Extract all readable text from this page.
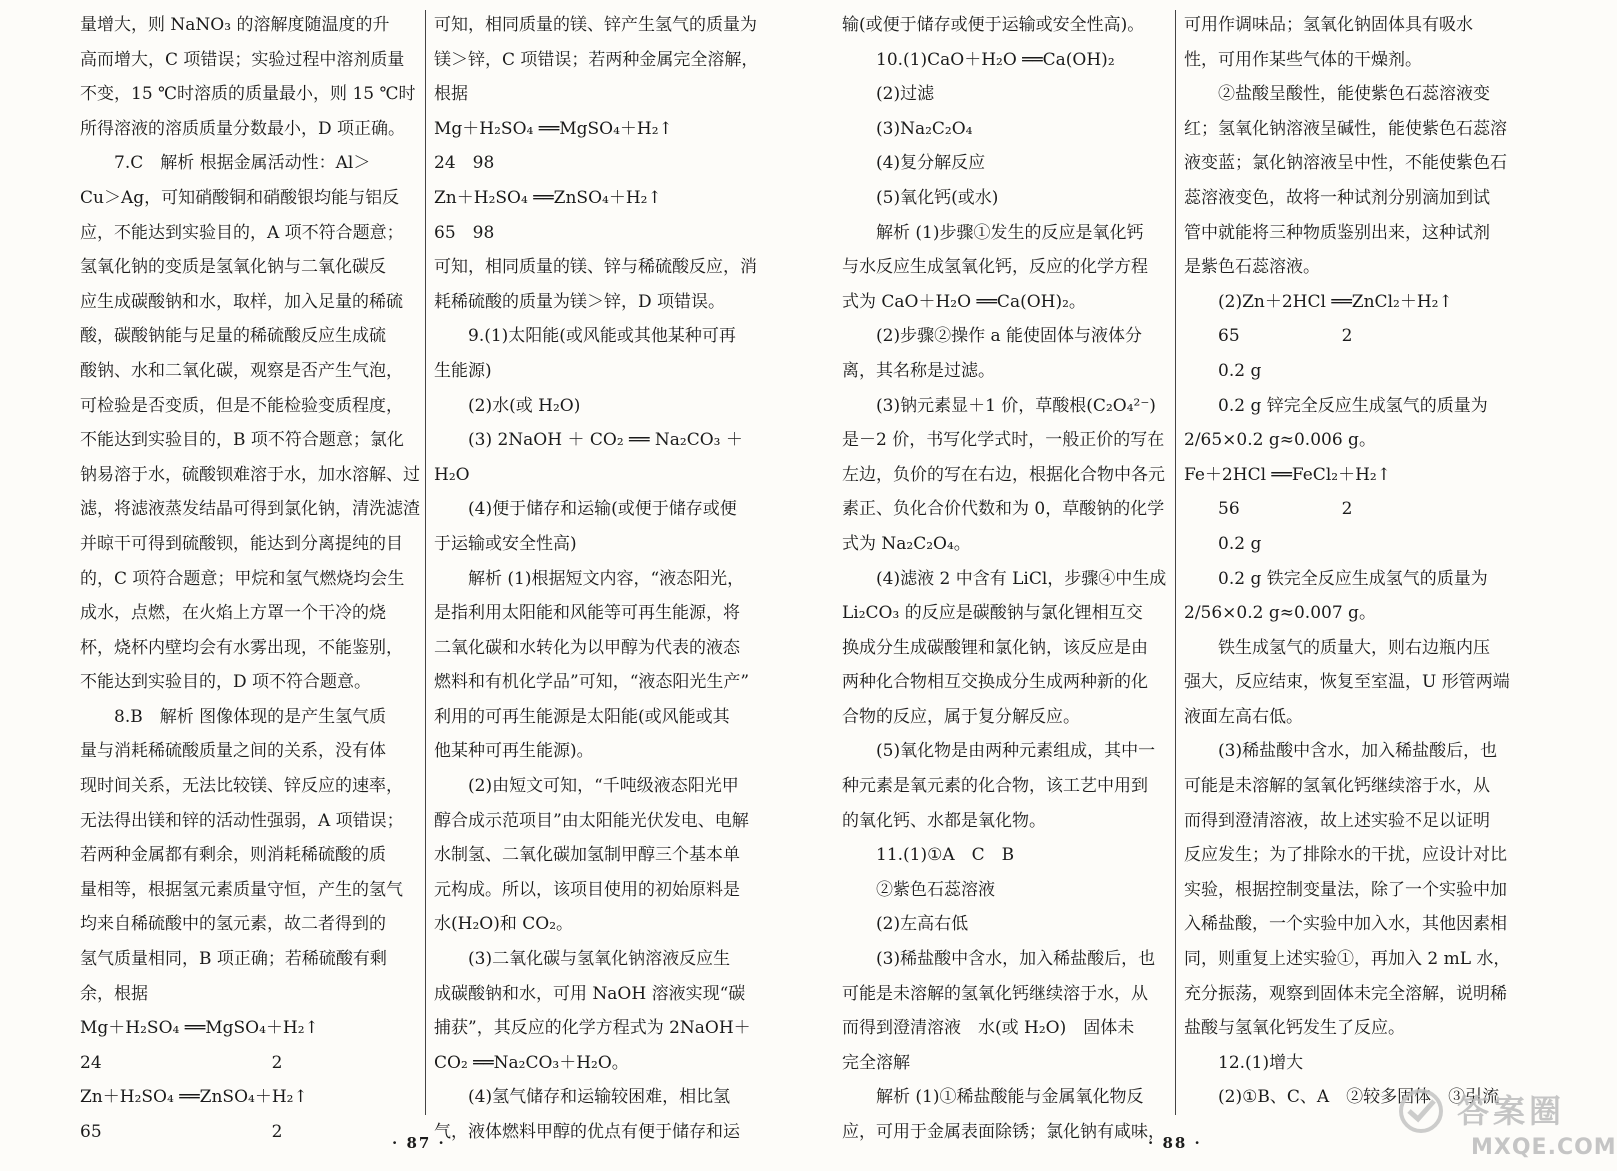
量增大，则 NaNO₃ 的溶解度随温度的升

高而增大，C 项错误；实验过程中溶剂质量

不变，15 ℃时溶质的质量最小，则 15 ℃时

所得溶液的溶质质量分数最小，D 项正确。

7.C　解析 根据金属活动性：Al＞

Cu＞Ag，可知硝酸铜和硝酸银均能与铝反

应，不能达到实验目的，A 项不符合题意；

氢氧化钠的变质是氢氧化钠与二氧化碳反

应生成碳酸钠和水，取样，加入足量的稀硫

酸，碳酸钠能与足量的稀硫酸反应生成硫

酸钠、水和二氧化碳，观察是否产生气泡，

可检验是否变质，但是不能检验变质程度，

不能达到实验目的，B 项不符合题意；氯化

钠易溶于水，硫酸钡难溶于水，加水溶解、过

滤，将滤液蒸发结晶可得到氯化钠，清洗滤渣

并晾干可得到硫酸钡，能达到分离提纯的目

的，C 项符合题意；甲烷和氢气燃烧均会生

成水，点燃，在火焰上方罩一个干冷的烧

杯，烧杯内壁均会有水雾出现，不能鉴别，

不能达到实验目的，D 项不符合题意。

8.B　解析 图像体现的是产生氢气质

量与消耗稀硫酸质量之间的关系，没有体

现时间关系，无法比较镁、锌反应的速率，

无法得出镁和锌的活动性强弱，A 项错误；

若两种金属都有剩余，则消耗稀硫酸的质

量相等，根据氢元素质量守恒，产生的氢气

均来自稀硫酸中的氢元素，故二者得到的

氢气质量相同，B 项正确；若稀硫酸有剩

余，根据

Mg＋H₂SO₄ ══MgSO₄＋H₂↑

24　　　　　　　　　　2

Zn＋H₂SO₄ ══ZnSO₄＋H₂↑

65　　　　　　　　　　2

可知，相同质量的镁、锌产生氢气的质量为

镁＞锌，C 项错误；若两种金属完全溶解，

根据

Mg＋H₂SO₄ ══MgSO₄＋H₂↑

24　98

Zn＋H₂SO₄ ══ZnSO₄＋H₂↑

65　98

可知，相同质量的镁、锌与稀硫酸反应，消

耗稀硫酸的质量为镁＞锌，D 项错误。

9.(1)太阳能(或风能或其他某种可再

生能源)

(2)水(或 H₂O)

(3) 2NaOH ＋ CO₂ ══ Na₂CO₃ ＋

H₂O

(4)便于储存和运输(或便于储存或便

于运输或安全性高)

解析 (1)根据短文内容，“液态阳光，

是指利用太阳能和风能等可再生能源，将

二氧化碳和水转化为以甲醇为代表的液态

燃料和有机化学品”可知，“液态阳光生产”

利用的可再生能源是太阳能(或风能或其

他某种可再生能源)。

(2)由短文可知，“千吨级液态阳光甲

醇合成示范项目”由太阳能光伏发电、电解

水制氢、二氧化碳加氢制甲醇三个基本单

元构成。所以，该项目使用的初始原料是

水(H₂O)和 CO₂。

(3)二氧化碳与氢氧化钠溶液反应生

成碳酸钠和水，可用 NaOH 溶液实现“碳

捕获”，其反应的化学方程式为 2NaOH＋

CO₂ ══Na₂CO₃＋H₂O。

(4)氢气储存和运输较困难，相比氢

气，液体燃料甲醇的优点有便于储存和运

· 87 ·

输(或便于储存或便于运输或安全性高)。

10.(1)CaO＋H₂O ══Ca(OH)₂

(2)过滤

(3)Na₂C₂O₄

(4)复分解反应

(5)氧化钙(或水)

解析 (1)步骤①发生的反应是氧化钙

与水反应生成氢氧化钙，反应的化学方程

式为 CaO＋H₂O ══Ca(OH)₂。

(2)步骤②操作 a 能使固体与液体分

离，其名称是过滤。

(3)钠元素显＋1 价，草酸根(C₂O₄²⁻)

是－2 价，书写化学式时，一般正价的写在

左边，负价的写在右边，根据化合物中各元

素正、负化合价代数和为 0，草酸钠的化学

式为 Na₂C₂O₄。

(4)滤液 2 中含有 LiCl，步骤④中生成

Li₂CO₃ 的反应是碳酸钠与氯化锂相互交

换成分生成碳酸锂和氯化钠，该反应是由

两种化合物相互交换成分生成两种新的化

合物的反应，属于复分解反应。

(5)氧化物是由两种元素组成，其中一

种元素是氧元素的化合物，该工艺中用到

的氧化钙、水都是氧化物。

11.(1)①A　C　B

②紫色石蕊溶液

(2)左高右低

(3)稀盐酸中含水，加入稀盐酸后，也

可能是未溶解的氢氧化钙继续溶于水，从

而得到澄清溶液　水(或 H₂O)　固体未

完全溶解

解析 (1)①稀盐酸能与金属氧化物反

应，可用于金属表面除锈；氯化钠有咸味，

可用作调味品；氢氧化钠固体具有吸水

性，可用作某些气体的干燥剂。

②盐酸呈酸性，能使紫色石蕊溶液变

红；氢氧化钠溶液呈碱性，能使紫色石蕊溶

液变蓝；氯化钠溶液呈中性，不能使紫色石

蕊溶液变色，故将一种试剂分别滴加到试

管中就能将三种物质鉴别出来，这种试剂

是紫色石蕊溶液。

(2)Zn＋2HCl ══ZnCl₂＋H₂↑

65　　　　　　2

0.2 g

0.2 g 锌完全反应生成氢气的质量为

2/65×0.2 g≈0.006 g。

Fe＋2HCl ══FeCl₂＋H₂↑

56　　　　　　2

0.2 g

0.2 g 铁完全反应生成氢气的质量为

2/56×0.2 g≈0.007 g。

铁生成氢气的质量大，则右边瓶内压

强大，反应结束，恢复至室温，U 形管两端

液面左高右低。

(3)稀盐酸中含水，加入稀盐酸后，也

可能是未溶解的氢氧化钙继续溶于水，从

而得到澄清溶液，故上述实验不足以证明

反应发生；为了排除水的干扰，应设计对比

实验，根据控制变量法，除了一个实验中加

入稀盐酸，一个实验中加入水，其他因素相

同，则重复上述实验①，再加入 2 mL 水，

充分振荡，观察到固体未完全溶解，说明稀

盐酸与氢氧化钙发生了反应。

12.(1)增大

(2)①B、C、A　②较多固体　③引流

· 88 ·
答案圈
MXQE.COM
